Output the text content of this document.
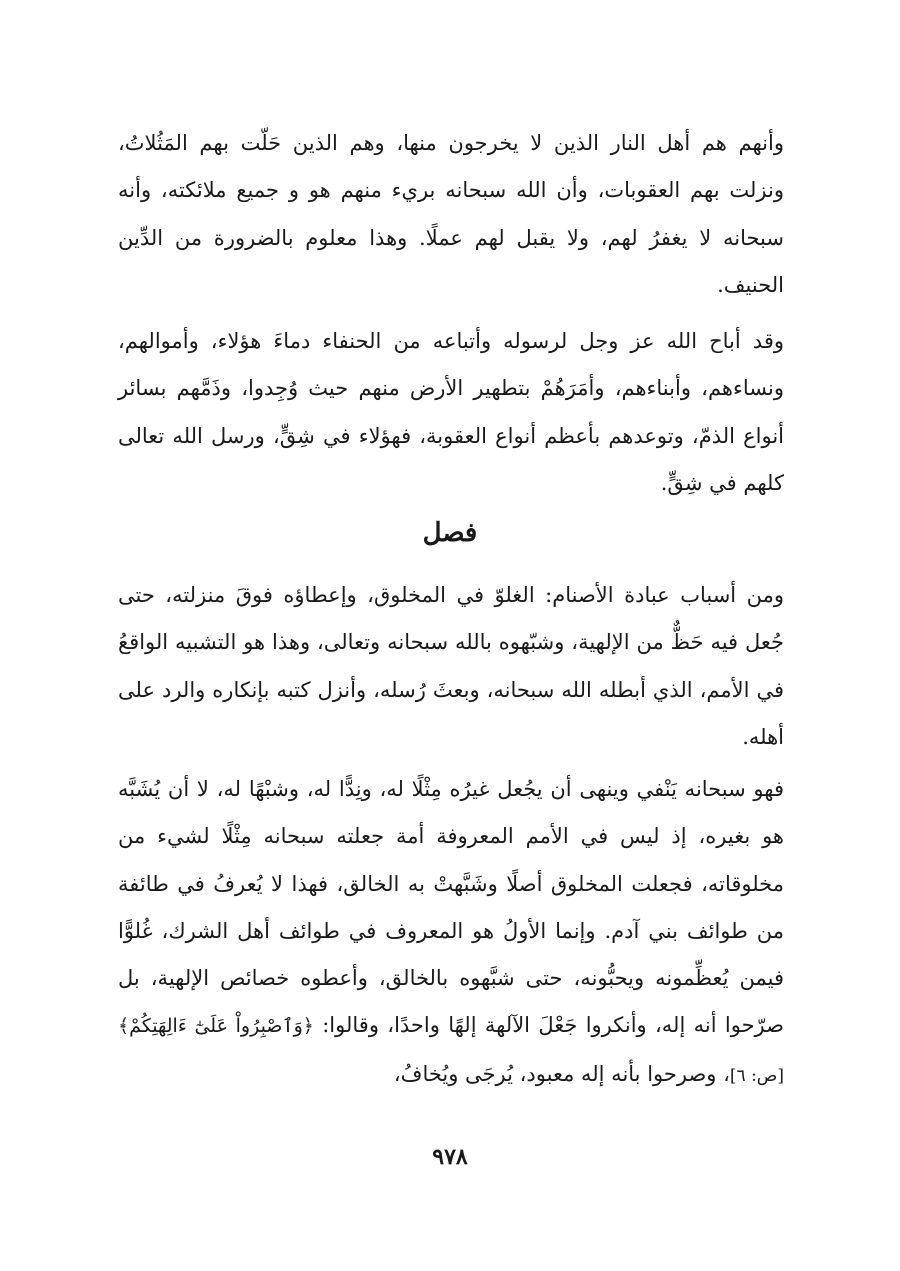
وأنهم هم أهل النار الذين لا يخرجون منها، وهم الذين حَلّت بهم المَثُلاتُ، ونزلت بهم العقوبات، وأن الله سبحانه بريء منهم هو و جميع ملائكته، وأنه سبحانه لا يغفرُ لهم، ولا يقبل لهم عملًا. وهذا معلوم بالضرورة من الدِّين الحنيف.

وقد أباح الله عز وجل لرسوله وأتباعه من الحنفاء دماءَ هؤلاء، وأموالهم، ونساءهم، وأبناءهم، وأمَرَهُمْ بتطهير الأرض منهم حيث وُجِدوا، وذَمَّهم بسائر أنواع الذمّ، وتوعدهم بأعظم أنواع العقوبة، فهؤلاء في شِقٍّ، ورسل الله تعالى كلهم في شِقٍّ.

فصل

ومن أسباب عبادة الأصنام: الغلوّ في المخلوق، وإعطاؤه فوقَ منزلته، حتى جُعل فيه حَظٌّ من الإلهية، وشبّهوه بالله سبحانه وتعالى، وهذا هو التشبيه الواقعُ في الأمم، الذي أبطله الله سبحانه، وبعثَ رُسله، وأنزل كتبه بإنكاره والرد على أهله.

فهو سبحانه يَنْفي وينهى أن يجُعل غيرُه مِثْلًا له، ونِدًّا له، وشبْهًا له، لا أن يُشَبَّه هو بغيره، إذ ليس في الأمم المعروفة أمة جعلته سبحانه مِثْلًا لشيء من مخلوقاته، فجعلت المخلوق أصلًا وشَبَّهتْ به الخالق، فهذا لا يُعرفُ في طائفة من طوائف بني آدم. وإنما الأولُ هو المعروف في طوائف أهل الشرك، غُلوًّا فيمن يُعظِّمونه ويحبُّونه، حتى شبَّهوه بالخالق، وأعطوه خصائص الإلهية، بل صرّحوا أنه إله، وأنكروا جَعْلَ الآلهة إلهًا واحدًا، وقالوا: ﴿وَٱصْبِرُواْ عَلَىٰٓ ءَالِهَتِكُمْ﴾ [ص: ٦]، وصرحوا بأنه إله معبود، يُرجَى ويُخافُ،

٩٧٨
